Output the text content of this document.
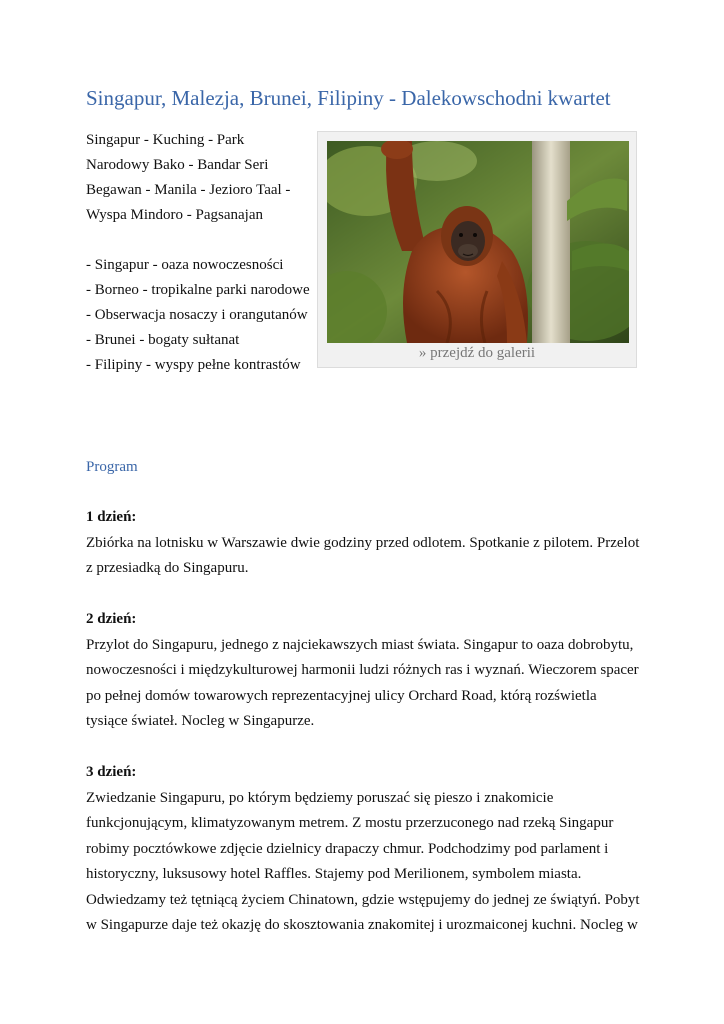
Singapur, Malezja, Brunei, Filipiny - Dalekowschodni kwartet

Singapur - Kuching - Park Narodowy Bako - Bandar Seri Begawan - Manila - Jezioro Taal - Wyspa Mindoro - Pagsanajan

- Singapur - oaza nowoczesności

- Borneo - tropikalne parki narodowe

- Obserwacja nosaczy i orangutanów

- Brunei - bogaty sułtanat

- Filipiny - wyspy pełne kontrastów

» przejdź do galerii
Program
1 dzień:
Zbiórka na lotnisku w Warszawie dwie godziny przed odlotem. Spotkanie z pilotem. Przelot z przesiadką do Singapuru.
2 dzień:
Przylot do Singapuru, jednego z najciekawszych miast świata. Singapur to oaza dobrobytu, nowoczesności i międzykulturowej harmonii ludzi różnych ras i wyznań. Wieczorem spacer po pełnej domów towarowych reprezentacyjnej ulicy Orchard Road, którą rozświetla tysiące świateł. Nocleg w Singapurze.
3 dzień:
Zwiedzanie Singapuru, po którym będziemy poruszać się pieszo i znakomicie funkcjonującym, klimatyzowanym metrem. Z mostu przerzuconego nad rzeką Singapur robimy pocztówkowe zdjęcie dzielnicy drapaczy chmur. Podchodzimy pod parlament i historyczny, luksusowy hotel Raffles. Stajemy pod Merilionem, symbolem miasta. Odwiedzamy też tętniącą życiem Chinatown, gdzie wstępujemy do jednej ze świątyń. Pobyt w Singapurze daje też okazję do skosztowania znakomitej i urozmaiconej kuchni. Nocleg w
